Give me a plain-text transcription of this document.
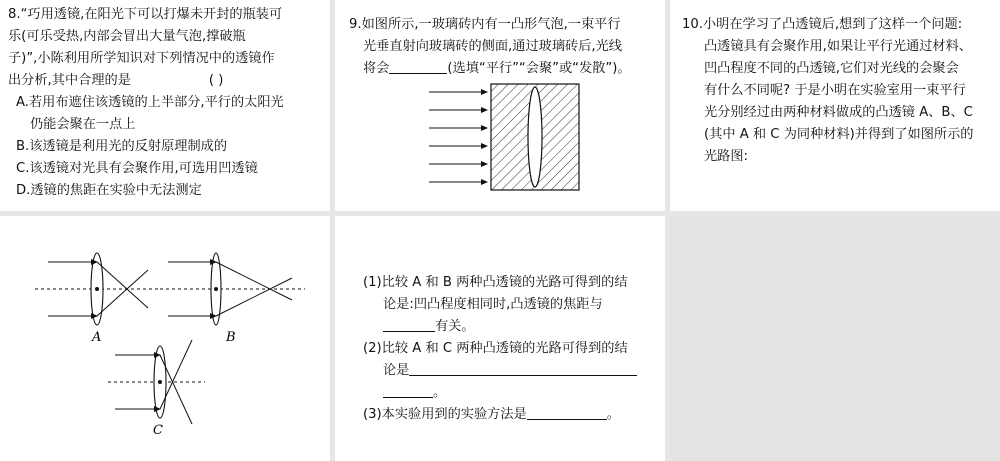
8.“巧用透镜,在阳光下可以打爆未开封的瓶装可
乐(可乐受热,内部会冒出大量气泡,撑破瓶
子)”,小陈利用所学知识对下列情况中的透镜作
出分析,其中合理的是	( )
A.若用布遮住该透镜的上半部分,平行的太阳光
仍能会聚在一点上
B.该透镜是利用光的反射原理制成的
C.该透镜对光具有会聚作用,可选用凹透镜
D.透镜的焦距在实验中无法测定
9.如图所示,一玻璃砖内有一凸形气泡,一束平行
光垂直射向玻璃砖的侧面,通过玻璃砖后,光线
将会	(选填“平行”“会聚”或“发散”)。
10.小明在学习了凸透镜后,想到了这样一个问题:
凸透镜具有会聚作用,如果让平行光通过材料、
凹凸程度不同的凸透镜,它们对光线的会聚会
有什么不同呢? 于是小明在实验室用一束平行
光分别经过由两种材料做成的凸透镜 A、B、C
(其中 A 和 C 为同种材料)并得到了如图所示的
光路图:
A	B
C
(1)比较 A 和 B 两种凸透镜的光路可得到的结
论是:凹凸程度相同时,凸透镜的焦距与
有关。
(2)比较 A 和 C 两种凸透镜的光路可得到的结
论是
。
(3)本实验用到的实验方法是	。
